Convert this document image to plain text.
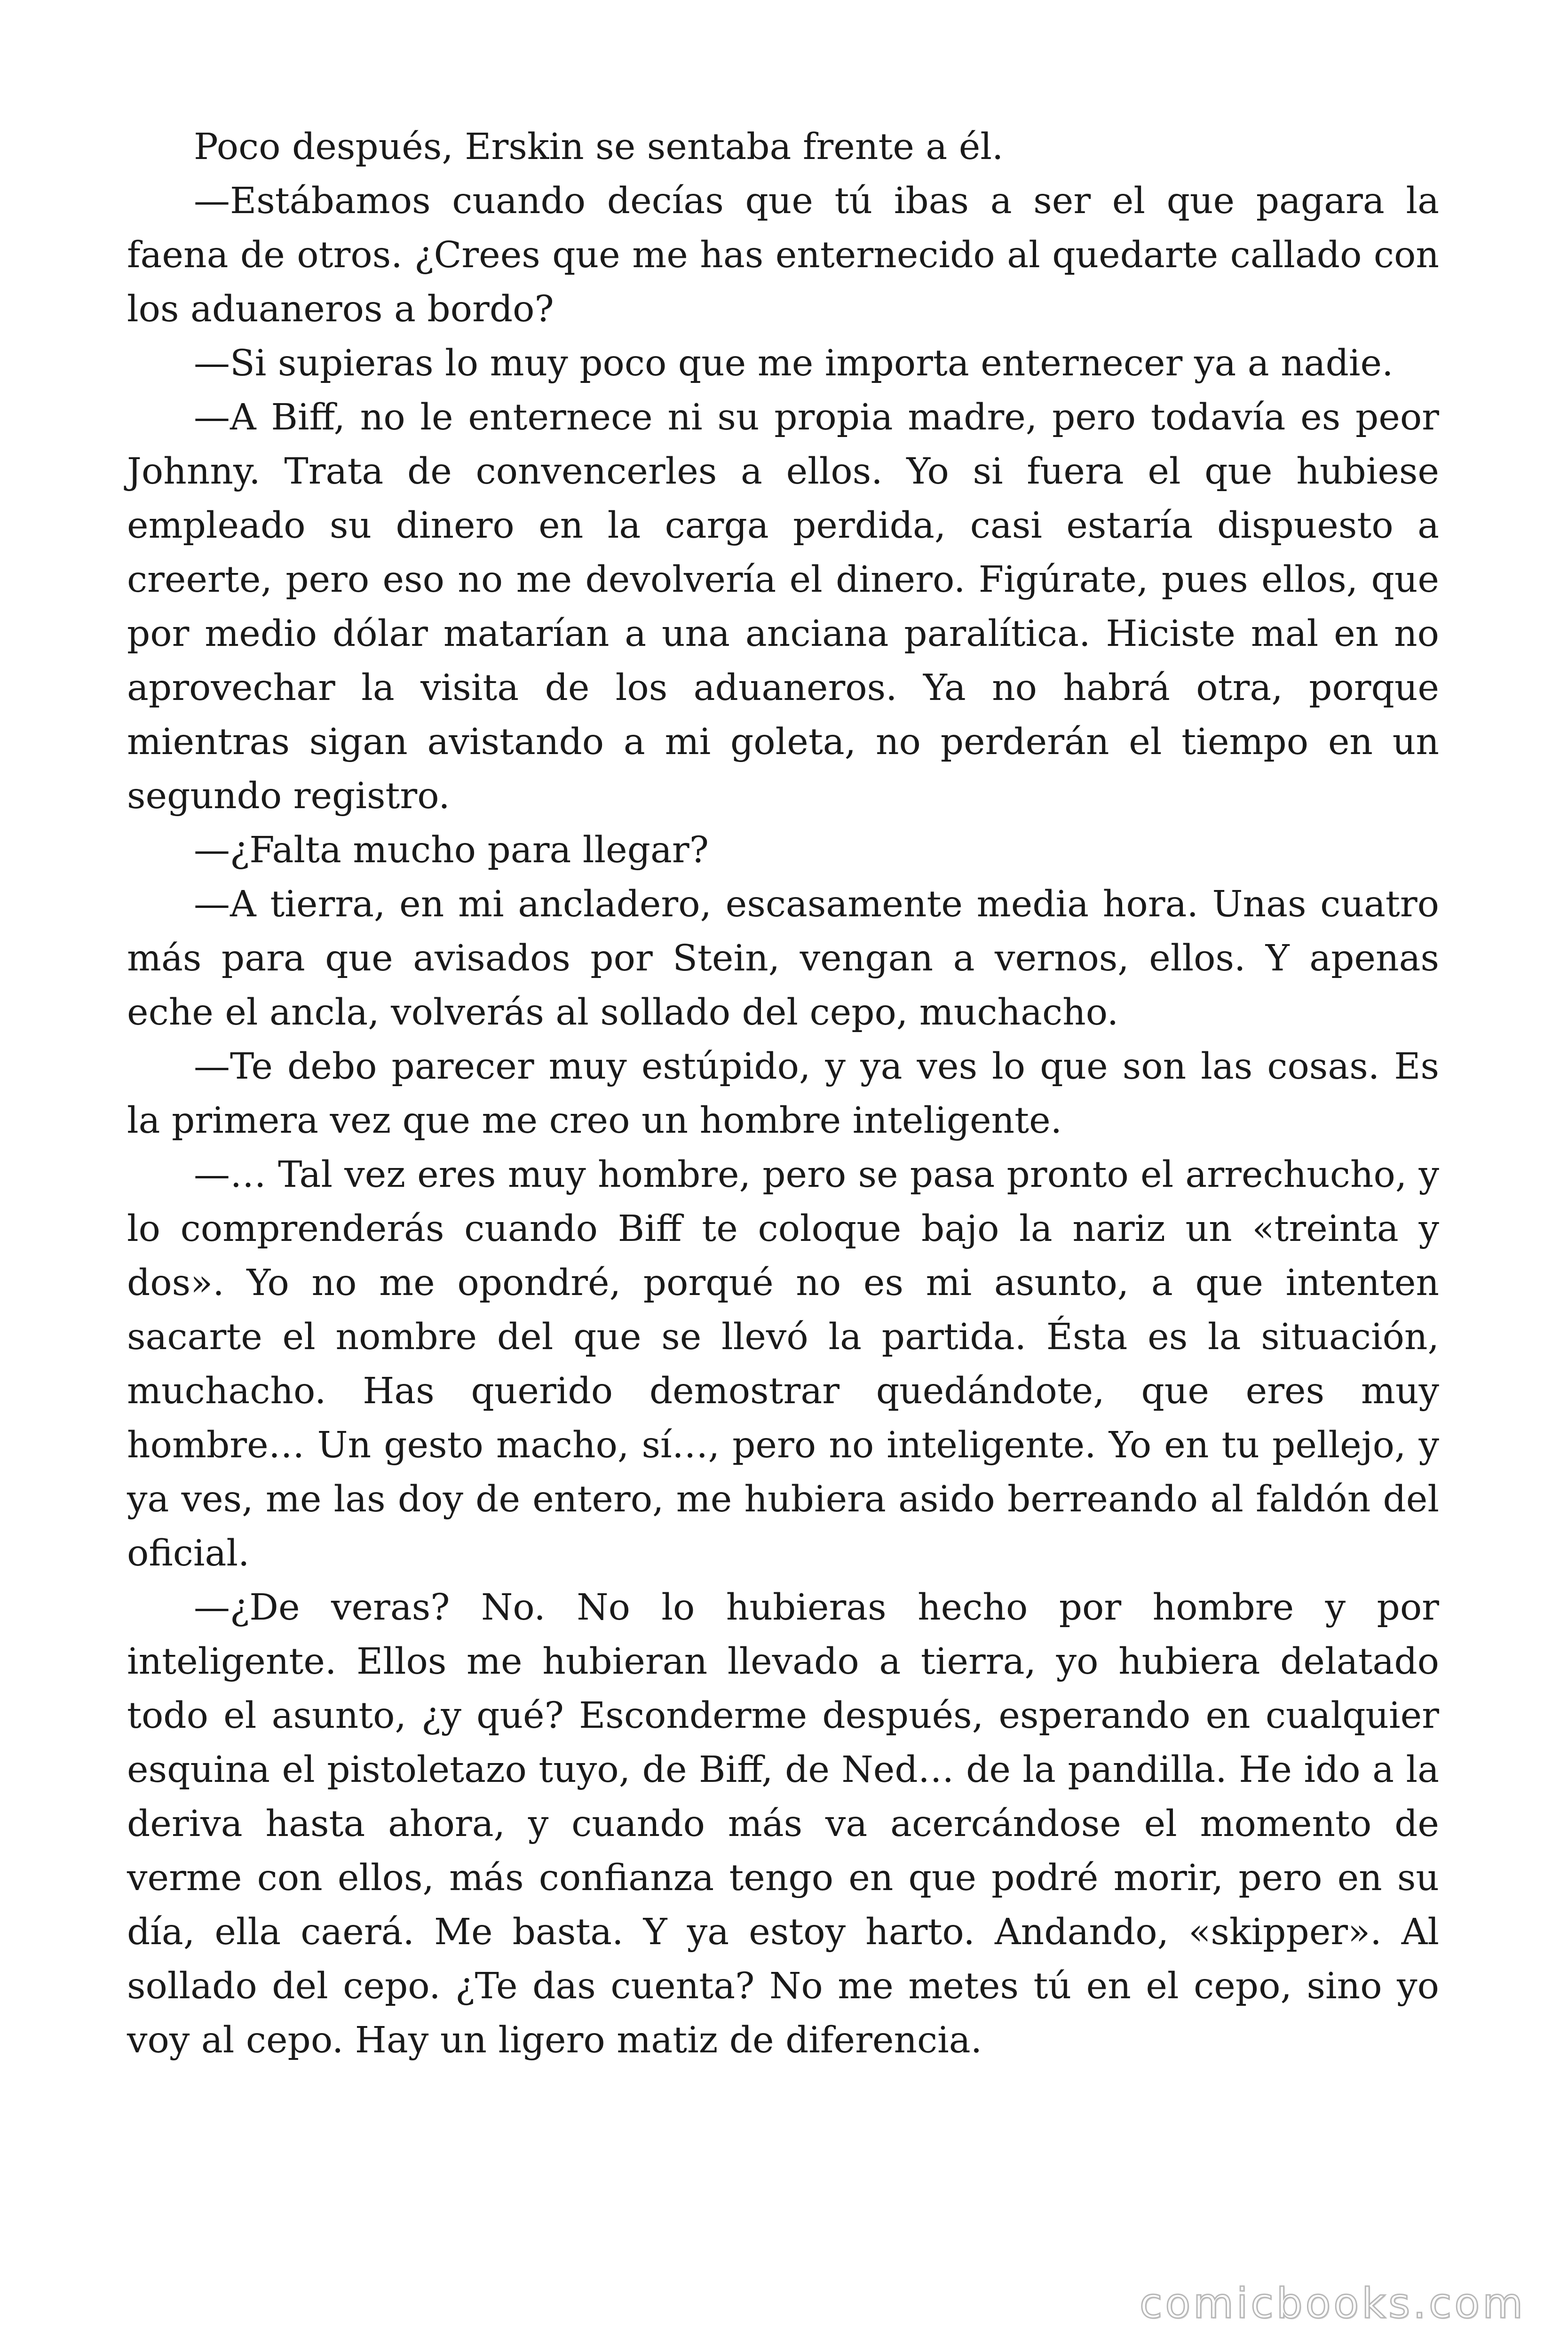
Poco después, Erskin se sentaba frente a él.

—Estábamos cuando decías que tú ibas a ser el que pagara la faena de otros. ¿Crees que me has enternecido al quedarte callado con los aduaneros a bordo?

—Si supieras lo muy poco que me importa enternecer ya a nadie.

—A Biff, no le enternece ni su propia madre, pero todavía es peor Johnny. Trata de convencerles a ellos. Yo si fuera el que hubiese empleado su dinero en la carga perdida, casi estaría dispuesto a creerte, pero eso no me devolvería el dinero. Figúrate, pues ellos, que por medio dólar matarían a una anciana paralítica. Hiciste mal en no aprovechar la visita de los aduaneros. Ya no habrá otra, porque mientras sigan avistando a mi goleta, no perderán el tiempo en un segundo registro.

—¿Falta mucho para llegar?

—A tierra, en mi ancladero, escasamente media hora. Unas cuatro más para que avisados por Stein, vengan a vernos, ellos. Y apenas eche el ancla, volverás al sollado del cepo, muchacho.

—Te debo parecer muy estúpido, y ya ves lo que son las cosas. Es la primera vez que me creo un hombre inteligente.

—… Tal vez eres muy hombre, pero se pasa pronto el arrechucho, y lo comprenderás cuando Biff te coloque bajo la nariz un «treinta y dos». Yo no me opondré, porqué no es mi asunto, a que intenten sacarte el nombre del que se llevó la partida. Ésta es la situación, muchacho. Has querido demostrar quedándote, que eres muy hombre… Un gesto macho, sí…, pero no inteligente. Yo en tu pellejo, y ya ves, me las doy de entero, me hubiera asido berreando al faldón del oficial.

—¿De veras? No. No lo hubieras hecho por hombre y por inteligente. Ellos me hubieran llevado a tierra, yo hubiera delatado todo el asunto, ¿y qué? Esconderme después, esperando en cualquier esquina el pistoletazo tuyo, de Biff, de Ned… de la pandilla. He ido a la deriva hasta ahora, y cuando más va acercándose el momento de verme con ellos, más confianza tengo en que podré morir, pero en su día, ella caerá. Me basta. Y ya estoy harto. Andando, «skipper». Al sollado del cepo. ¿Te das cuenta? No me metes tú en el cepo, sino yo voy al cepo. Hay un ligero matiz de diferencia.

comicbooks.com
